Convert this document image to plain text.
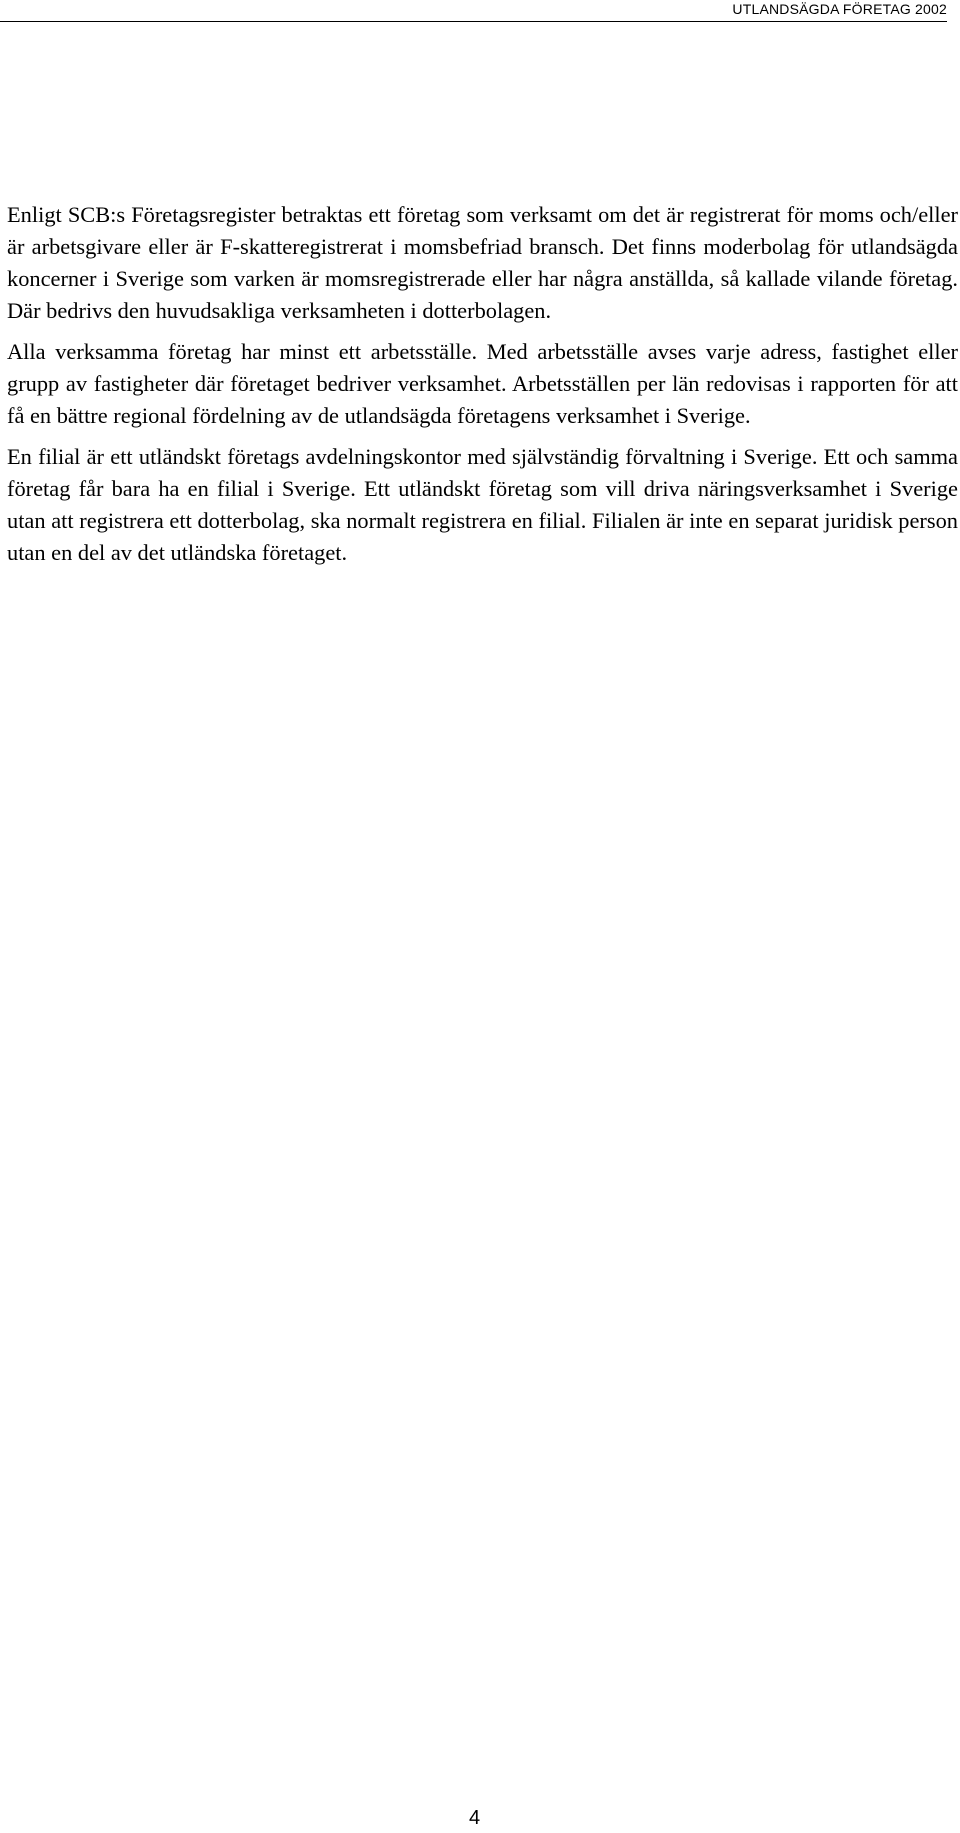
UTLANDSÄGDA FÖRETAG 2002

Enligt SCB:s Företagsregister betraktas ett företag som verksamt om det är registrerat för moms och/eller är arbetsgivare eller är F-skatteregistrerat i momsbefriad bransch. Det finns moderbolag för utlandsägda koncerner i Sverige som varken är momsregistrerade eller har några anställda, så kallade vilande företag. Där bedrivs den huvudsakliga verksamheten i dotterbolagen.

Alla verksamma företag har minst ett arbetsställe. Med arbetsställe avses varje adress, fastighet eller grupp av fastigheter där företaget bedriver verksamhet. Arbetsställen per län redovisas i rapporten för att få en bättre regional fördelning av de utlandsägda företagens verksamhet i Sverige.

En filial är ett utländskt företags avdelningskontor med självständig förvaltning i Sverige. Ett och samma företag får bara ha en filial i Sverige. Ett utländskt företag som vill driva näringsverksamhet i Sverige utan att registrera ett dotterbolag, ska normalt registrera en filial. Filialen är inte en separat juridisk person utan en del av det utländska företaget.

4
